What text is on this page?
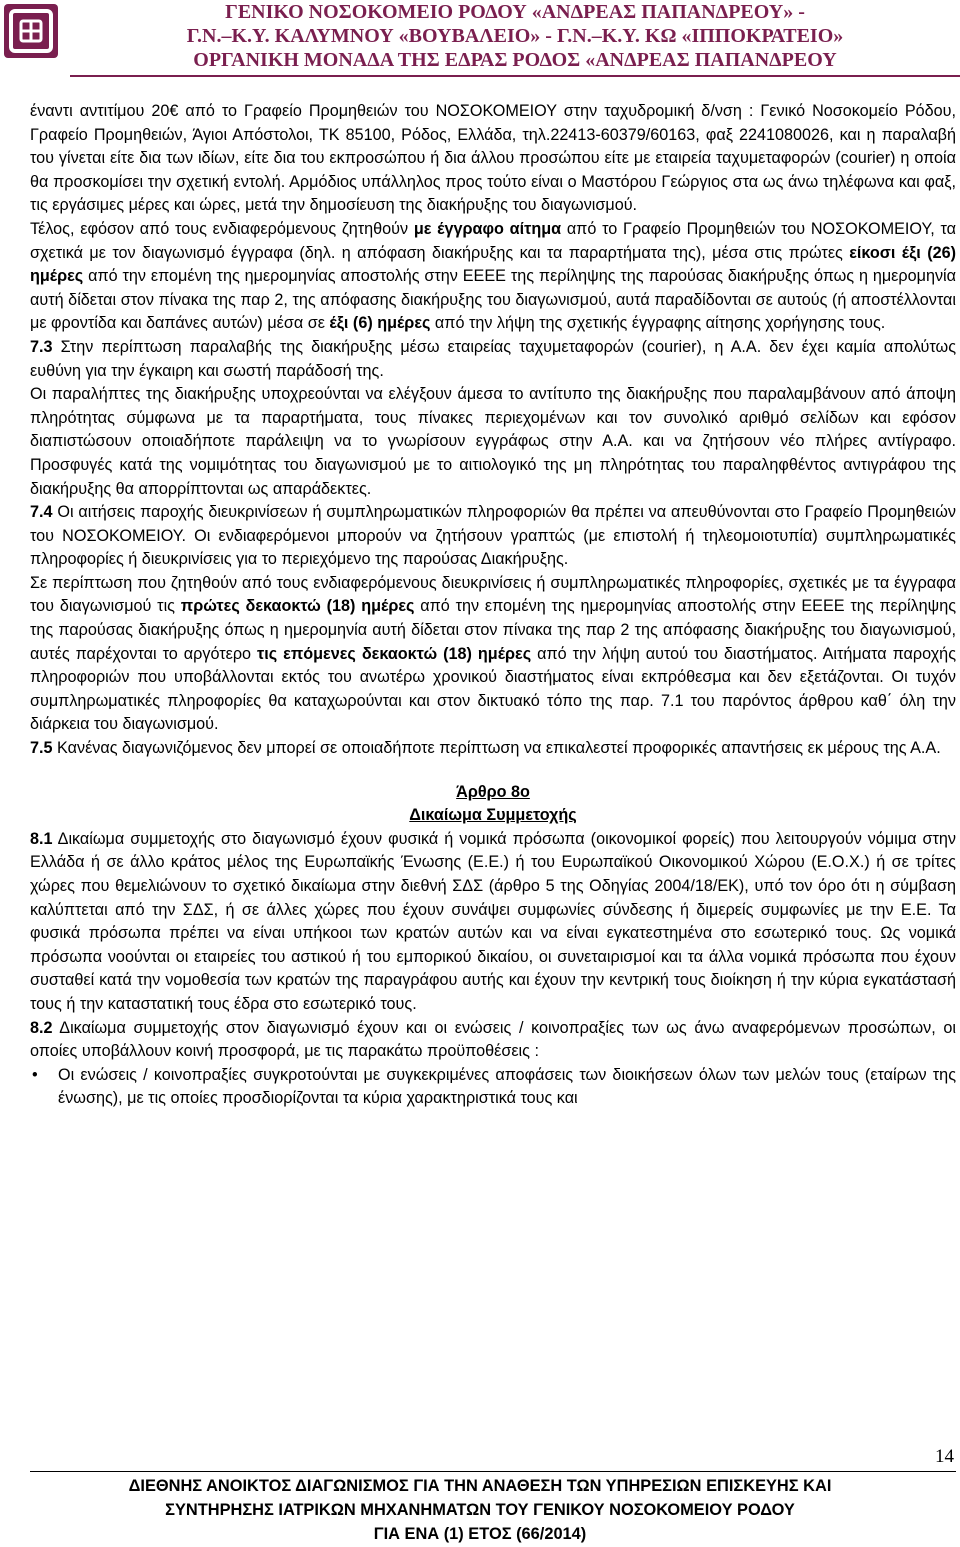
ΓΕΝΙΚΟ ΝΟΣΟΚΟΜΕΙΟ ΡΟΔΟΥ «ΑΝΔΡΕΑΣ ΠΑΠΑΝΔΡΕΟΥ» -
Γ.Ν.–Κ.Υ. ΚΑΛΥΜΝΟΥ «ΒΟΥΒΑΛΕΙΟ» - Γ.Ν.–Κ.Υ. ΚΩ «ΙΠΠΟΚΡΑΤΕΙΟ»
ΟΡΓΑΝΙΚΗ ΜΟΝΑΔΑ ΤΗΣ ΕΔΡΑΣ ΡΟΔΟΣ «ΑΝΔΡΕΑΣ ΠΑΠΑΝΔΡΕΟΥ

έναντι αντιτίμου 20€ από το Γραφείο Προμηθειών του ΝΟΣΟΚΟΜΕΙΟΥ στην ταχυδρομική δ/νση : Γενικό Νοσοκομείο Ρόδου, Γραφείο Προμηθειών, Άγιοι Απόστολοι, ΤΚ 85100, Ρόδος, Ελλάδα, τηλ.22413-60379/60163, φαξ 2241080026, και η παραλαβή του γίνεται είτε δια των ιδίων, είτε δια του εκπροσώπου ή δια άλλου προσώπου είτε με εταιρεία ταχυμεταφορών (courier) η οποία θα προσκομίσει την σχετική εντολή. Αρμόδιος υπάλληλος προς τούτο είναι ο Μαστόρου Γεώργιος στα ως άνω τηλέφωνα και φαξ, τις εργάσιμες μέρες και ώρες, μετά την δημοσίευση της διακήρυξης του διαγωνισμού.

Τέλος, εφόσον από τους ενδιαφερόμενους ζητηθούν με έγγραφο αίτημα από το Γραφείο Προμηθειών του ΝΟΣΟΚΟΜΕΙΟΥ, τα σχετικά με τον διαγωνισμό έγγραφα (δηλ. η απόφαση διακήρυξης και τα παραρτήματα της), μέσα στις πρώτες είκοσι έξι (26) ημέρες από την επομένη της ημερομηνίας αποστολής στην ΕΕΕΕ της περίληψης της παρούσας διακήρυξης όπως η ημερομηνία αυτή δίδεται στον πίνακα της παρ 2, της απόφασης διακήρυξης του διαγωνισμού, αυτά παραδίδονται σε αυτούς (ή αποστέλλονται με φροντίδα και δαπάνες αυτών) μέσα σε έξι (6) ημέρες από την λήψη της σχετικής έγγραφης αίτησης χορήγησης τους.

7.3 Στην περίπτωση παραλαβής της διακήρυξης μέσω εταιρείας ταχυμεταφορών (courier), η Α.Α. δεν έχει καμία απολύτως ευθύνη για την έγκαιρη και σωστή παράδοσή της.

Οι παραλήπτες της διακήρυξης υποχρεούνται να ελέγξουν άμεσα το αντίτυπο της διακήρυξης που παραλαμβάνουν από άποψη πληρότητας σύμφωνα με τα παραρτήματα, τους πίνακες περιεχομένων και τον συνολικό αριθμό σελίδων και εφόσον διαπιστώσουν οποιαδήποτε παράλειψη να το γνωρίσουν εγγράφως στην Α.Α. και να ζητήσουν νέο πλήρες αντίγραφο. Προσφυγές κατά της νομιμότητας του διαγωνισμού με το αιτιολογικό της μη πληρότητας του παραληφθέντος αντιγράφου της διακήρυξης θα απορρίπτονται ως απαράδεκτες.

7.4 Οι αιτήσεις παροχής διευκρινίσεων ή συμπληρωματικών πληροφοριών θα πρέπει να απευθύνονται στο Γραφείο Προμηθειών του ΝΟΣΟΚΟΜΕΙΟΥ. Οι ενδιαφερόμενοι μπορούν να ζητήσουν γραπτώς (με επιστολή ή τηλεομοιοτυπία) συμπληρωματικές πληροφορίες ή διευκρινίσεις για το περιεχόμενο της παρούσας Διακήρυξης.

Σε περίπτωση που ζητηθούν από τους ενδιαφερόμενους διευκρινίσεις ή συμπληρωματικές πληροφορίες, σχετικές με τα έγγραφα του διαγωνισμού τις πρώτες δεκαοκτώ (18) ημέρες από την επομένη της ημερομηνίας αποστολής στην ΕΕΕΕ της περίληψης της παρούσας διακήρυξης όπως η ημερομηνία αυτή δίδεται στον πίνακα της παρ 2 της απόφασης διακήρυξης του διαγωνισμού, αυτές παρέχονται το αργότερο τις επόμενες δεκαοκτώ (18) ημέρες από την λήψη αυτού του διαστήματος. Αιτήματα παροχής πληροφοριών που υποβάλλονται εκτός του ανωτέρω χρονικού διαστήματος είναι εκπρόθεσμα και δεν εξετάζονται. Οι τυχόν συμπληρωματικές πληροφορίες θα καταχωρούνται και στον δικτυακό τόπο της παρ. 7.1 του παρόντος άρθρου καθ΄ όλη την διάρκεια του διαγωνισμού.

7.5 Κανένας διαγωνιζόμενος δεν μπορεί σε οποιαδήποτε περίπτωση να επικαλεστεί προφορικές απαντήσεις εκ μέρους της Α.Α.

Άρθρο 8ο

Δικαίωμα Συμμετοχής

8.1 Δικαίωμα συμμετοχής στο διαγωνισμό έχουν φυσικά ή νομικά πρόσωπα (οικονομικοί φορείς) που λειτουργούν νόμιμα στην Ελλάδα ή σε άλλο κράτος μέλος της Ευρωπαϊκής Ένωσης (Ε.Ε.) ή του Ευρωπαϊκού Οικονομικού Χώρου (Ε.Ο.Χ.) ή σε τρίτες χώρες που θεμελιώνουν το σχετικό δικαίωμα στην διεθνή ΣΔΣ (άρθρο 5 της Οδηγίας 2004/18/ΕΚ), υπό τον όρο ότι η σύμβαση καλύπτεται από την ΣΔΣ, ή σε άλλες χώρες που έχουν συνάψει συμφωνίες σύνδεσης ή διμερείς συμφωνίες με την Ε.Ε. Τα φυσικά πρόσωπα πρέπει να είναι υπήκοοι των κρατών αυτών και να είναι εγκατεστημένα στο εσωτερικό τους. Ως νομικά πρόσωπα νοούνται οι εταιρείες του αστικού ή του εμπορικού δικαίου, οι συνεταιρισμοί και τα άλλα νομικά πρόσωπα που έχουν συσταθεί κατά την νομοθεσία των κρατών της παραγράφου αυτής και έχουν την κεντρική τους διοίκηση ή την κύρια εγκατάστασή τους ή την καταστατική τους έδρα στο εσωτερικό τους.

8.2 Δικαίωμα συμμετοχής στον διαγωνισμό έχουν και οι ενώσεις / κοινοπραξίες των ως άνω αναφερόμενων προσώπων, οι οποίες υποβάλλουν κοινή προσφορά, με τις παρακάτω προϋποθέσεις :

• Οι ενώσεις / κοινοπραξίες συγκροτούνται με συγκεκριμένες αποφάσεις των διοικήσεων όλων των μελών τους (εταίρων της ένωσης), με τις οποίες προσδιορίζονται τα κύρια χαρακτηριστικά τους και

14
ΔΙΕΘΝΗΣ ΑΝΟΙΚΤΟΣ ΔΙΑΓΩΝΙΣΜΟΣ ΓΙΑ ΤΗΝ ΑΝΑΘΕΣΗ ΤΩΝ ΥΠΗΡΕΣΙΩΝ ΕΠΙΣΚΕΥΗΣ ΚΑΙ
ΣΥΝΤΗΡΗΣΗΣ ΙΑΤΡΙΚΩΝ ΜΗΧΑΝΗΜΑΤΩΝ ΤΟΥ ΓΕΝΙΚΟΥ ΝΟΣΟΚΟΜΕΙΟΥ ΡΟΔΟΥ
ΓΙΑ ΕΝΑ (1) ΕΤΟΣ (66/2014)
